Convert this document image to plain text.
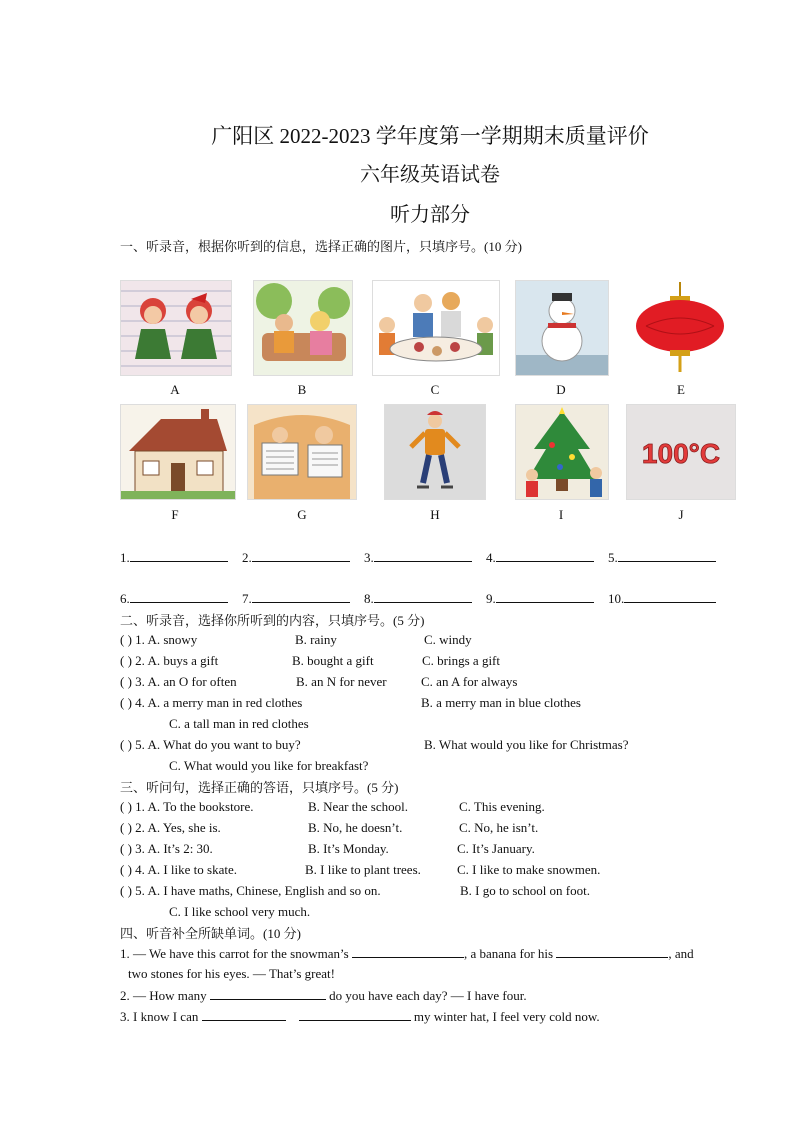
广阳区 2022-2023 学年度第一学期期末质量评价
六年级英语试卷
听力部分
一、听录音，根据你听到的信息，选择正确的图片，只填序号。(10 分)
A	B	C	D	E
100°C
F	G	H	I	J
1.	2.	3.	4.	5.
6.	7.	8.	9.	10.
二、听录音，选择你所听到的内容，只填序号。(5 分)
( ) 1. A. snowy	B. rainy	C. windy
( ) 2. A. buys a gift	B. bought a gift	C. brings a gift
( ) 3. A. an O for often	B. an N for never	C. an A for always
( ) 4. A. a merry man in red clothes	B. a merry man in blue clothes
C. a tall man in red clothes
( ) 5. A. What do you want to buy?	B. What would you like for Christmas?
C. What would you like for breakfast?
三、听问句，选择正确的答语，只填序号。(5 分)
( ) 1. A. To the bookstore.	B. Near the school.	C. This evening.
( ) 2. A. Yes, she is.	B. No, he doesn’t.	C. No, he isn’t.
( ) 3. A. It’s 2: 30.	B. It’s Monday.	C. It’s January.
( ) 4. A. I like to skate.	B. I like to plant trees.	C. I like to make snowmen.
( ) 5. A. I have maths, Chinese, English and so on.	B. I go to school on foot.
C. I like school very much.
四、听音补全所缺单词。(10 分)
1. — We have this carrot for the snowman’s	, a banana for his	, and
two stones for his eyes. — That’s great!
2. — How many	do you have each day? — I have four.
3. I know I can	my winter hat, I feel very cold now.
